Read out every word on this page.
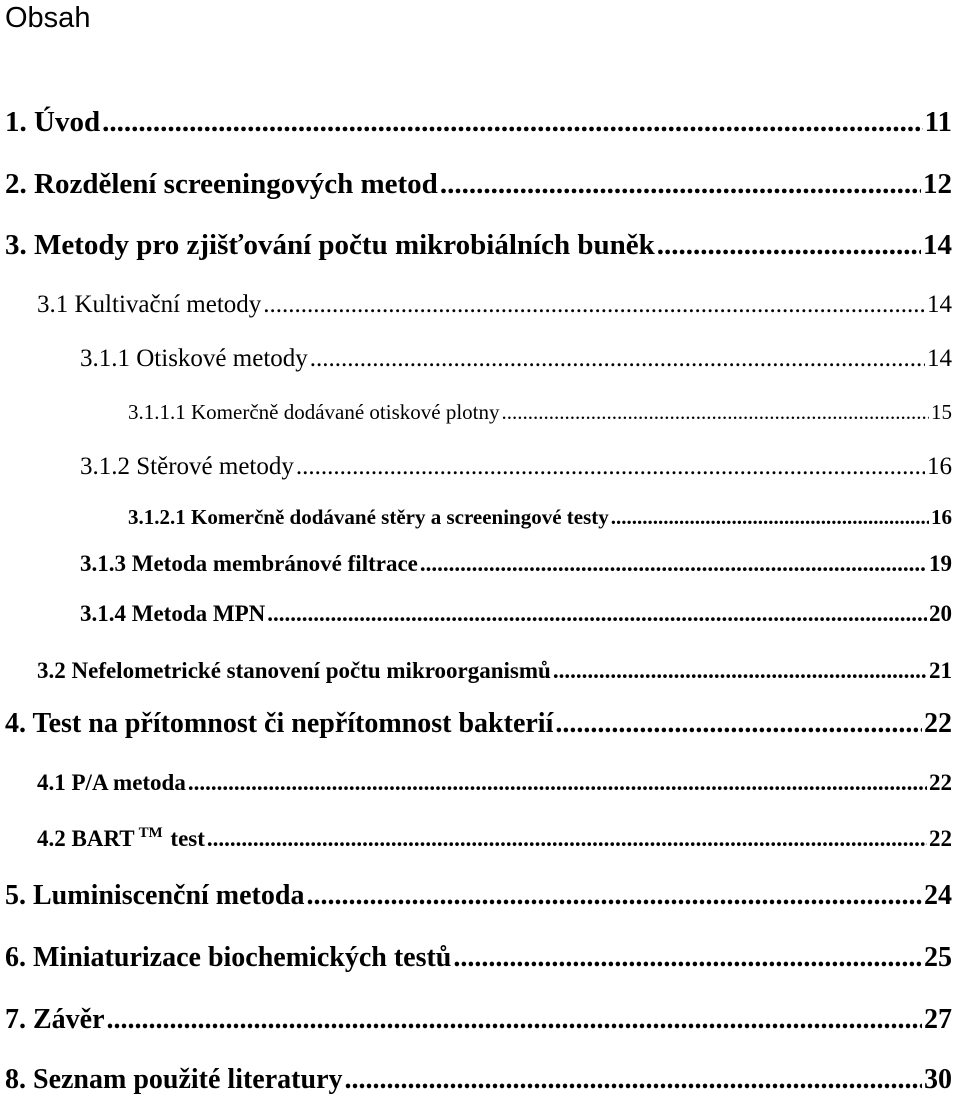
Obsah
1. Úvod .....	11
2. Rozdělení screeningových metod .....	12
3. Metody pro zjišťování počtu mikrobiálních buněk .....	14
3.1 Kultivační metody .....	14
3.1.1 Otiskové metody .....	14
3.1.1.1 Komerčně dodávané otiskové plotny .....	15
3.1.2 Stěrové metody .....	16
3.1.2.1 Komerčně dodávané stěry a screeningové testy .....	16
3.1.3 Metoda membránové filtrace .....	19
3.1.4 Metoda MPN .....	20
3.2 Nefelometrické stanovení počtu mikroorganismů .....	21
4. Test na přítomnost či nepřítomnost bakterií .....	22
4.1 P/A metoda .....	22
4.2 BART ™ test .....	22
5. Luminiscenční metoda .....	24
6. Miniaturizace biochemických testů .....	25
7. Závěr .....	27
8. Seznam použité literatury .....	30
